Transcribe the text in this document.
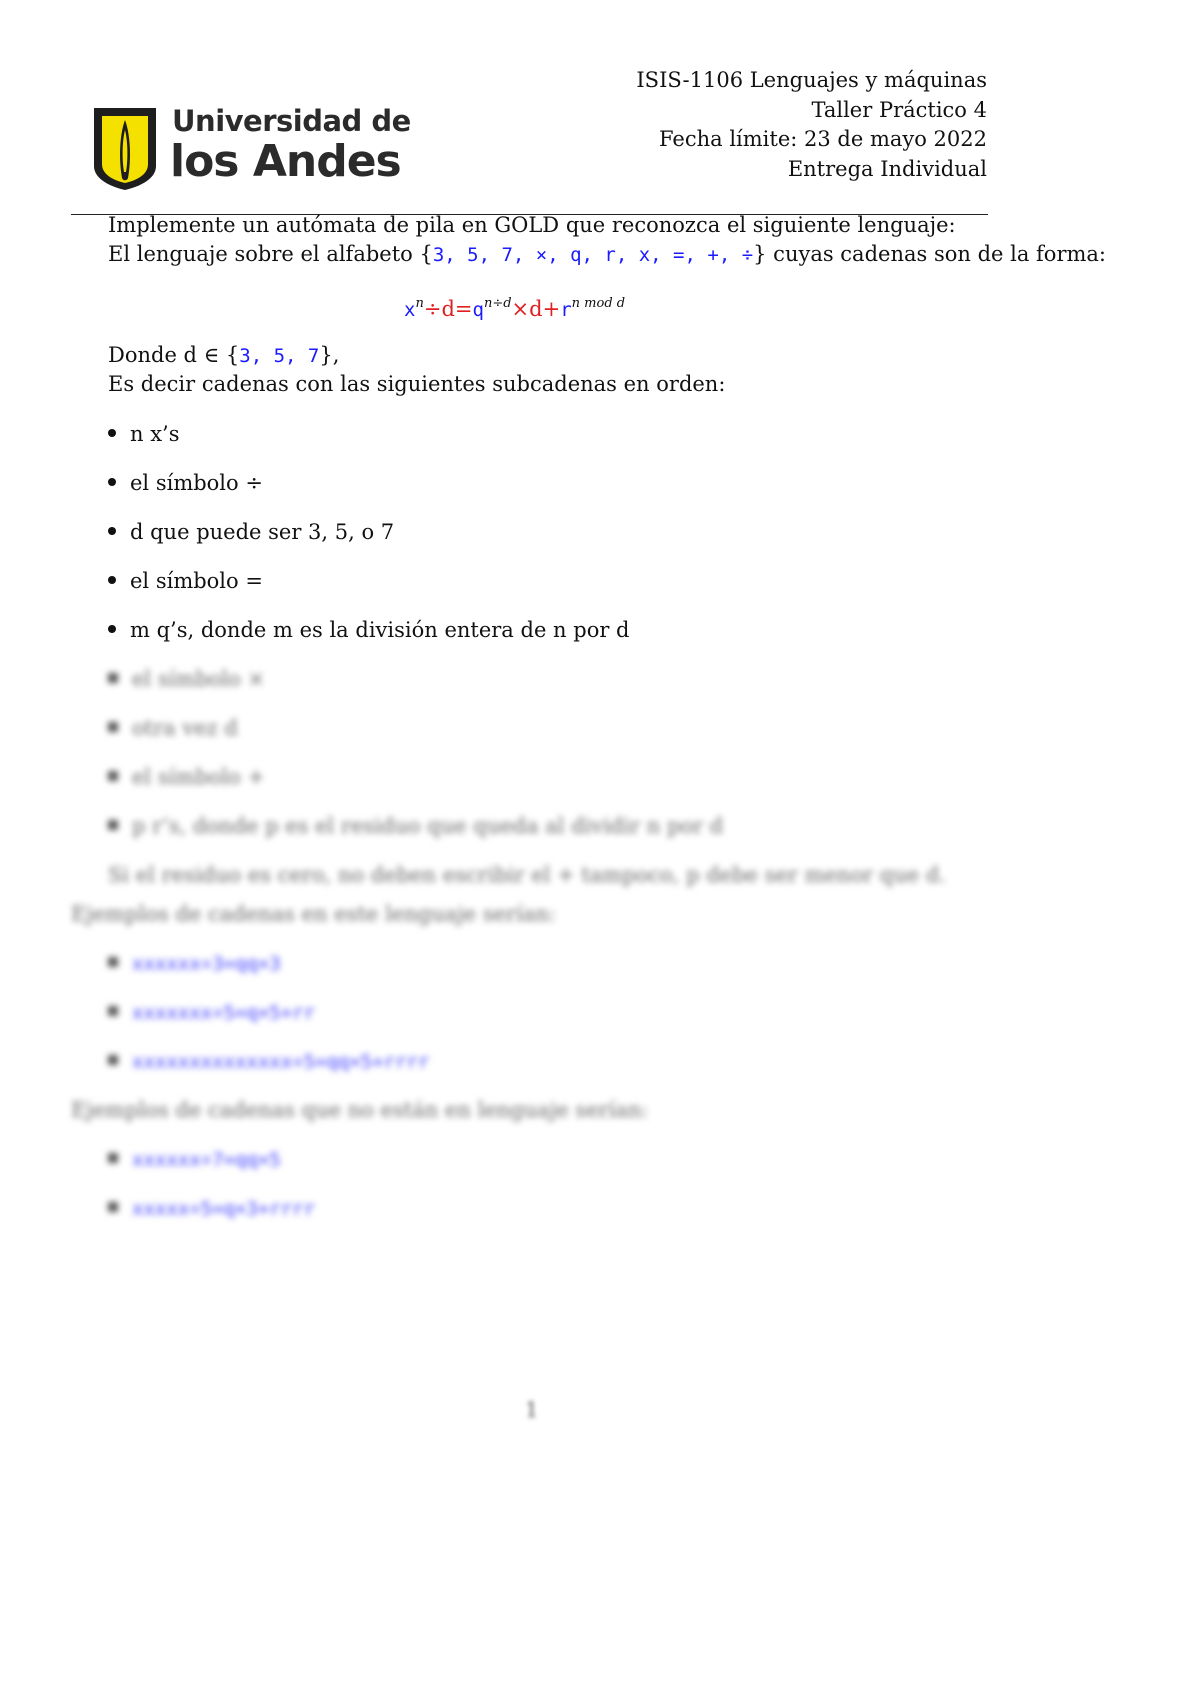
Universidad de
los Andes
ISIS-1106 Lenguajes y máquinas
Taller Práctico 4
Fecha límite: 23 de mayo 2022
Entrega Individual
Implemente un autómata de pila en GOLD que reconozca el siguiente lenguaje:
El lenguaje sobre el alfabeto {3, 5, 7, ×, q, r, x, =, +, ÷} cuyas cadenas son de la forma:
$x^n\div d=q^{n\div d}\times d+r^{n mod d}$
Donde d ∈ {3, 5, 7},
Es decir cadenas con las siguientes subcadenas en orden:
n x’s
el símbolo ÷
d que puede ser 3, 5, o 7
el símbolo =
m q’s, donde m es la división entera de n por d
el símbolo ×
otra vez d
el símbolo +
p r’s, donde p es el residuo que queda al dividir n por d
Si el residuo es cero, no deben escribir el + tampoco, p debe ser menor que d.
Ejemplos de cadenas en este lenguaje serían:
xxxxxx÷3=qq×3
xxxxxxx÷5=q×5+rr
xxxxxxxxxxxxxx÷5=qq×5+rrrr
Ejemplos de cadenas que no están en lenguaje serían:
xxxxxx÷7=qq×5
xxxxx÷5=q×3+rrrr
1
